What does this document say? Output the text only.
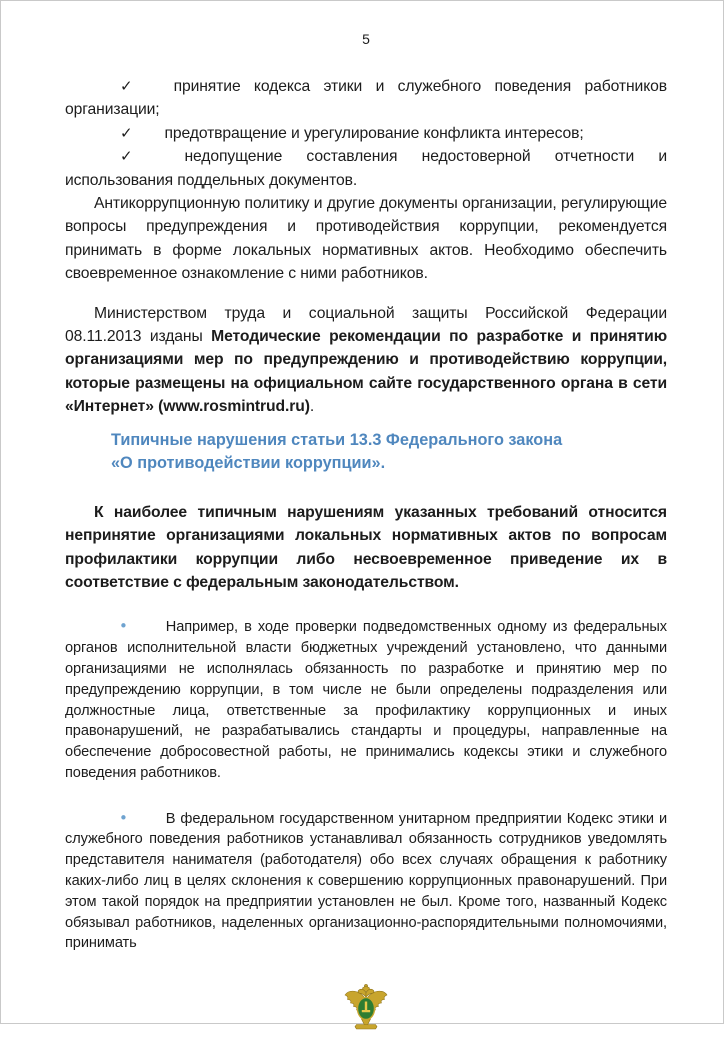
5

✓ принятие кодекса этики и служебного поведения работников организации;

✓ предотвращение и урегулирование конфликта интересов;

✓ недопущение составления недостоверной отчетности и использования поддельных документов.

Антикоррупционную политику и другие документы организации, регулирующие вопросы предупреждения и противодействия коррупции, рекомендуется принимать в форме локальных нормативных актов. Необходимо обеспечить своевременное ознакомление с ними работников.

Министерством труда и социальной защиты Российской Федерации 08.11.2013 изданы Методические рекомендации по разработке и принятию организациями мер по предупреждению и противодействию коррупции, которые размещены на официальном сайте государственного органа в сети «Интернет» (www.rosmintrud.ru).

Типичные нарушения статьи 13.3 Федерального закона
«О противодействии коррупции».

К наиболее типичным нарушениям указанных требований относится непринятие организациями локальных нормативных актов по вопросам профилактики коррупции либо несвоевременное приведение их в соответствие с федеральным законодательством.

•	Например, в ходе проверки подведомственных одному из федеральных органов исполнительной власти бюджетных учреждений установлено, что данными организациями не исполнялась обязанность по разработке и принятию мер по предупреждению коррупции, в том числе не были определены подразделения или должностные лица, ответственные за профилактику коррупционных и иных правонарушений, не разрабатывались стандарты и процедуры, направленные на обеспечение добросовестной работы, не принимались кодексы этики и служебного поведения работников.

•	В федеральном государственном унитарном предприятии Кодекс этики и служебного поведения работников устанавливал обязанность сотрудников уведомлять представителя нанимателя (работодателя) обо всех случаях обращения к работнику каких-либо лиц в целях склонения к совершению коррупционных правонарушений. При этом такой порядок на предприятии установлен не был. Кроме того, названный Кодекс обязывал работников, наделенных организационно-распорядительными полномочиями, принимать
